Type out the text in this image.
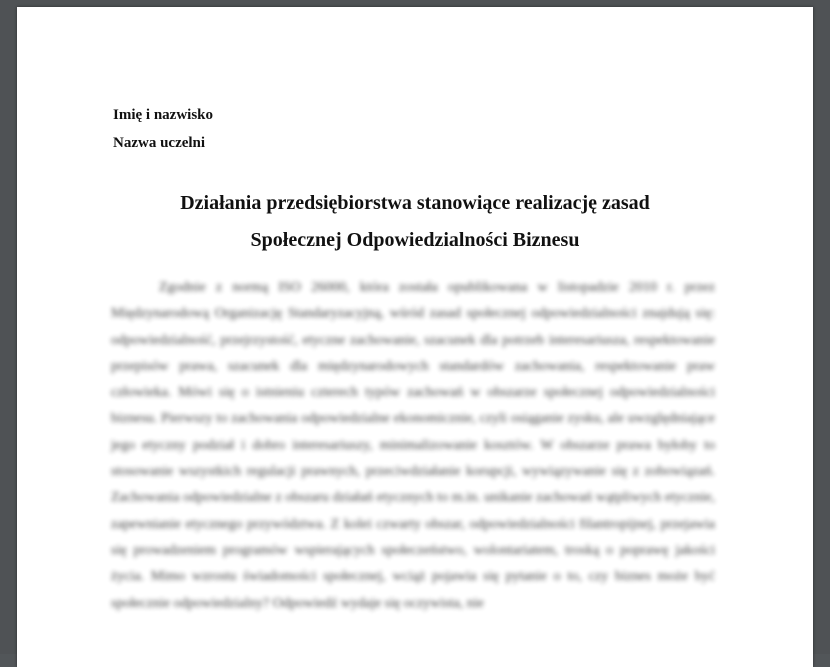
Imię i nazwisko
Nazwa uczelni
Działania przedsiębiorstwa stanowiące realizację zasad
Społecznej Odpowiedzialności Biznesu

Zgodnie z normą ISO 26000, która została opublikowana w listopadzie 2010 r. przez Międzynarodową Organizację Standaryzacyjną, wśród zasad społecznej odpowiedzialności znajdują się: odpowiedzialność, przejrzystość, etyczne zachowanie, szacunek dla potrzeb interesariusza, respektowanie przepisów prawa, szacunek dla międzynarodowych standardów zachowania, respektowanie praw człowieka. Mówi się o istnieniu czterech typów zachowań w obszarze społecznej odpowiedzialności biznesu. Pierwszy to zachowania odpowiedzialne ekonomicznie, czyli osiąganie zysku, ale uwzględniające jego etyczny podział i dobro interesariuszy, minimalizowanie kosztów. W obszarze prawa byłoby to stosowanie wszystkich regulacji prawnych, przeciwdziałanie korupcji, wywiązywanie się z zobowiązań. Zachowania odpowiedzialne z obszaru działań etycznych to m.in. unikanie zachowań wątpliwych etycznie, zapewnianie etycznego przywództwa. Z kolei czwarty obszar, odpowiedzialności filantropijnej, przejawia się prowadzeniem programów wspierających społeczeństwo, wolontariatem, troską o poprawę jakości życia. Mimo wzrostu świadomości społecznej, wciąż pojawia się pytanie o to, czy biznes może być społecznie odpowiedzialny? Odpowiedź wydaje się oczywista, nie
